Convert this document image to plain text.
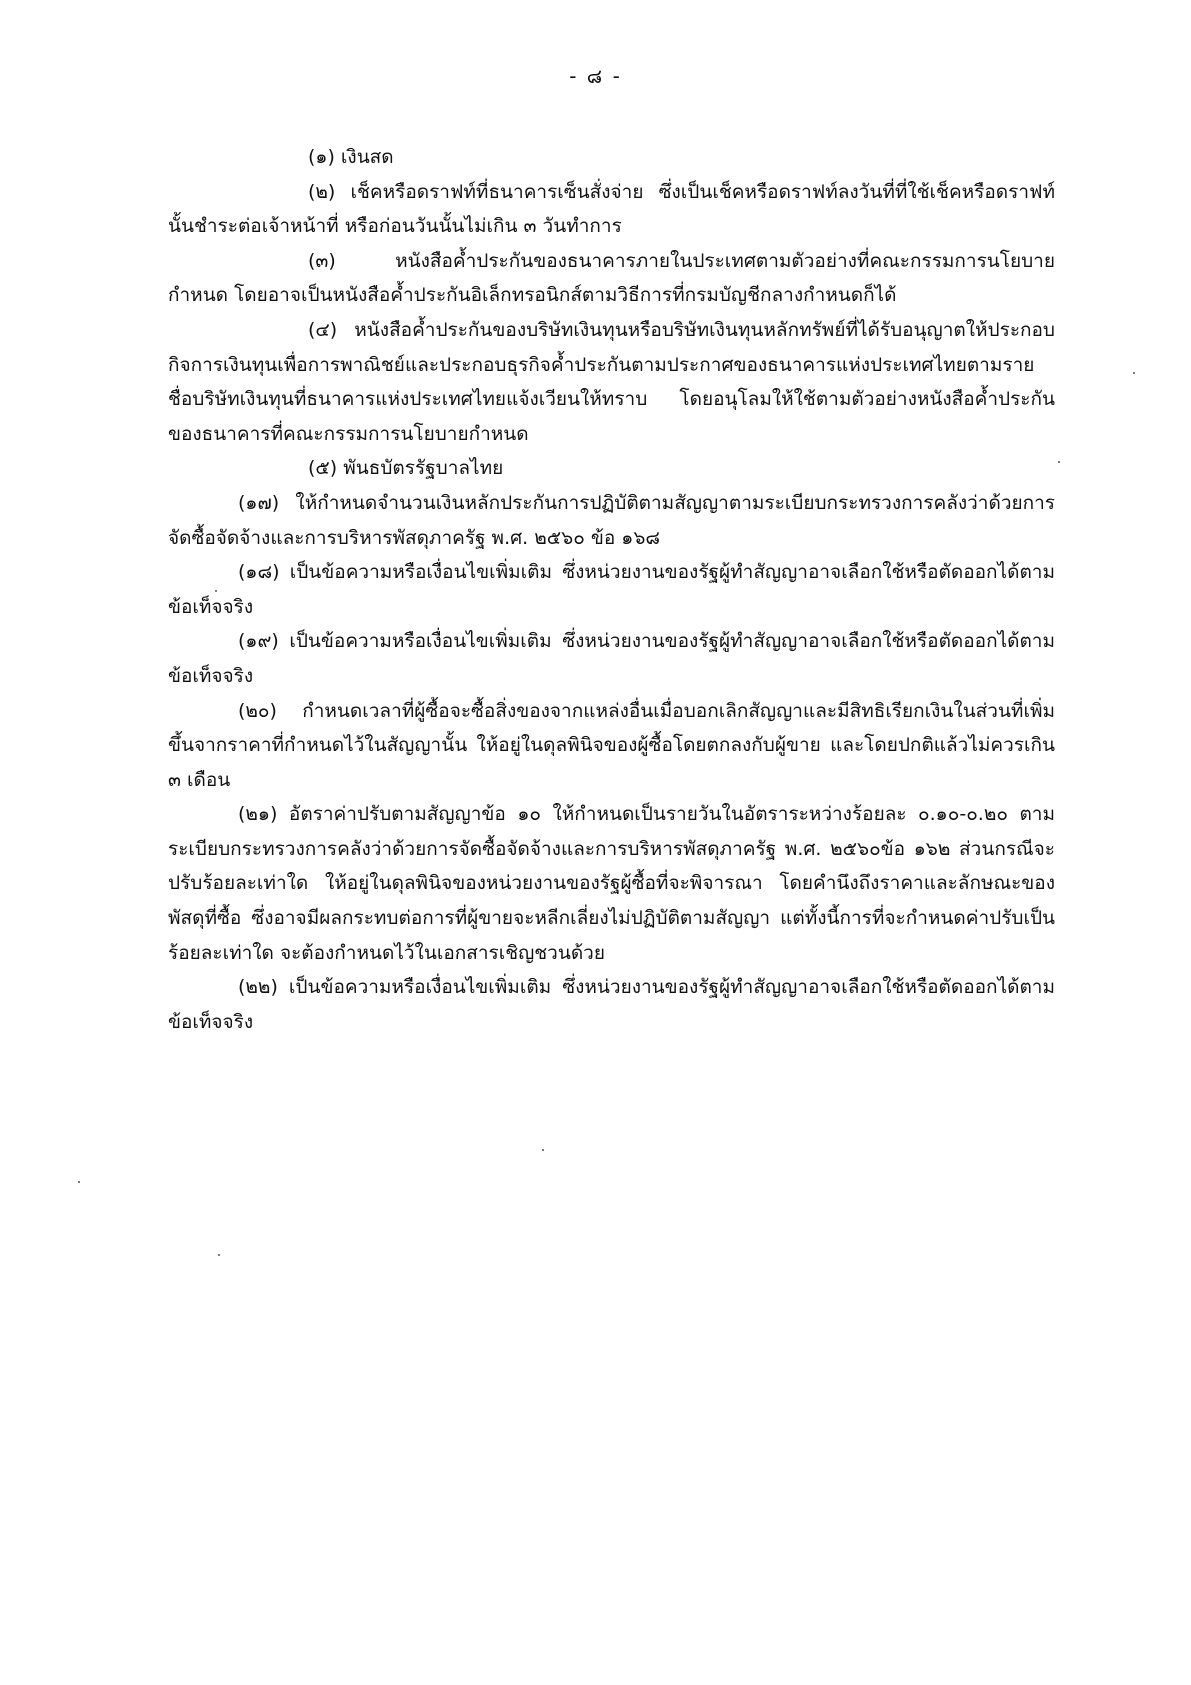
- ๘ -

(๑) เงินสด

(๒) เช็คหรือดราฟท์ที่ธนาคารเซ็นสั่งจ่าย ซึ่งเป็นเช็คหรือดราฟท์ลงวันที่ที่ใช้เช็คหรือดราฟท์นั้นชำระต่อเจ้าหน้าที่ หรือก่อนวันนั้นไม่เกิน ๓ วันทำการ

(๓) หนังสือค้ำประกันของธนาคารภายในประเทศตามตัวอย่างที่คณะกรรมการนโยบายกำหนด โดยอาจเป็นหนังสือค้ำประกันอิเล็กทรอนิกส์ตามวิธีการที่กรมบัญชีกลางกำหนดก็ได้

(๔) หนังสือค้ำประกันของบริษัทเงินทุนหรือบริษัทเงินทุนหลักทรัพย์ที่ได้รับอนุญาตให้ประกอบกิจการเงินทุนเพื่อการพาณิชย์และประกอบธุรกิจค้ำประกันตามประกาศของธนาคารแห่งประเทศไทยตามรายชื่อบริษัทเงินทุนที่ธนาคารแห่งประเทศไทยแจ้งเวียนให้ทราบ โดยอนุโลมให้ใช้ตามตัวอย่างหนังสือค้ำประกันของธนาคารที่คณะกรรมการนโยบายกำหนด

(๕) พันธบัตรรัฐบาลไทย

(๑๗) ให้กำหนดจำนวนเงินหลักประกันการปฏิบัติตามสัญญาตามระเบียบกระทรวงการคลังว่าด้วยการจัดซื้อจัดจ้างและการบริหารพัสดุภาครัฐ พ.ศ. ๒๕๖๐ ข้อ ๑๖๘

(๑๘) เป็นข้อความหรือเงื่อนไขเพิ่มเติม ซึ่งหน่วยงานของรัฐผู้ทำสัญญาอาจเลือกใช้หรือตัดออกได้ตามข้อเท็จจริง

(๑๙) เป็นข้อความหรือเงื่อนไขเพิ่มเติม ซึ่งหน่วยงานของรัฐผู้ทำสัญญาอาจเลือกใช้หรือตัดออกได้ตามข้อเท็จจริง

(๒๐) กำหนดเวลาที่ผู้ซื้อจะซื้อสิ่งของจากแหล่งอื่นเมื่อบอกเลิกสัญญาและมีสิทธิเรียกเงินในส่วนที่เพิ่มขึ้นจากราคาที่กำหนดไว้ในสัญญานั้น ให้อยู่ในดุลพินิจของผู้ซื้อโดยตกลงกับผู้ขาย และโดยปกติแล้วไม่ควรเกิน ๓ เดือน

(๒๑) อัตราค่าปรับตามสัญญาข้อ ๑๐ ให้กำหนดเป็นรายวันในอัตราระหว่างร้อยละ ๐.๑๐-๐.๒๐ ตามระเบียบกระทรวงการคลังว่าด้วยการจัดซื้อจัดจ้างและการบริหารพัสดุภาครัฐ พ.ศ. ๒๕๖๐ข้อ ๑๖๒ ส่วนกรณีจะปรับร้อยละเท่าใด ให้อยู่ในดุลพินิจของหน่วยงานของรัฐผู้ซื้อที่จะพิจารณา โดยคำนึงถึงราคาและลักษณะของพัสดุที่ซื้อ ซึ่งอาจมีผลกระทบต่อการที่ผู้ขายจะหลีกเลี่ยงไม่ปฏิบัติตามสัญญา แต่ทั้งนี้การที่จะกำหนดค่าปรับเป็นร้อยละเท่าใด จะต้องกำหนดไว้ในเอกสารเชิญชวนด้วย

(๒๒) เป็นข้อความหรือเงื่อนไขเพิ่มเติม ซึ่งหน่วยงานของรัฐผู้ทำสัญญาอาจเลือกใช้หรือตัดออกได้ตามข้อเท็จจริง
